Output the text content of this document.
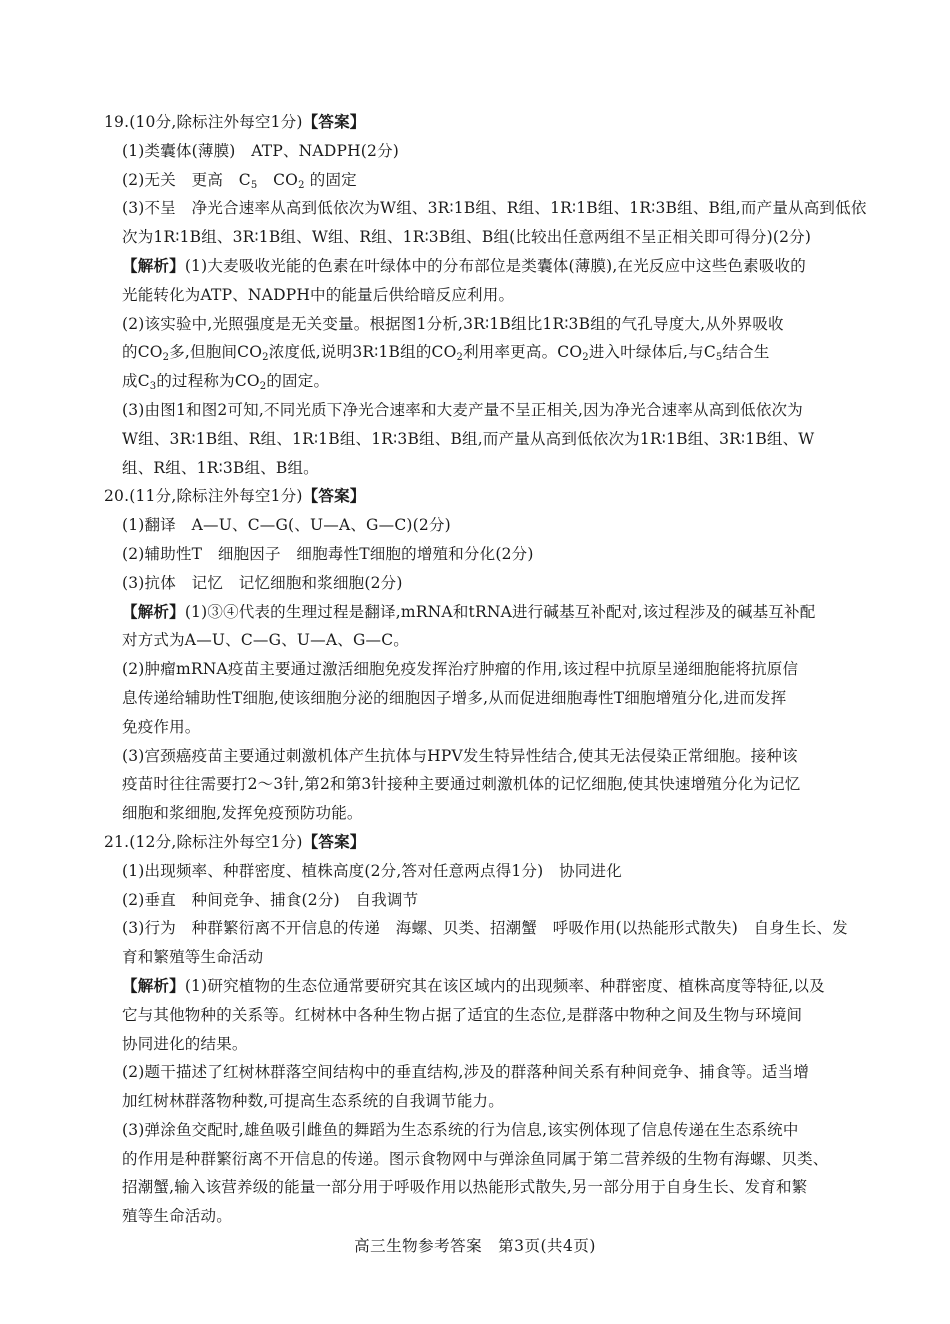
19.(10分,除标注外每空1分)【答案】
(1)类囊体(薄膜)　ATP、NADPH(2分)
(2)无关　更高　$C_5$　$CO_2$ 的固定
(3)不呈　净光合速率从高到低依次为W组、3R∶1B组、R组、1R∶1B组、1R∶3B组、B组,而产量从高到低依
次为1R∶1B组、3R∶1B组、W组、R组、1R∶3B组、B组(比较出任意两组不呈正相关即可得分)(2分)
【解析】(1)大麦吸收光能的色素在叶绿体中的分布部位是类囊体(薄膜),在光反应中这些色素吸收的
光能转化为ATP、NADPH中的能量后供给暗反应利用。
(2)该实验中,光照强度是无关变量。根据图1分析,3R∶1B组比1R∶3B组的气孔导度大,从外界吸收
的$CO_2$多,但胞间$CO_2$浓度低,说明3R∶1B组的$CO_2$利用率更高。$CO_2$进入叶绿体后,与$C_5$结合生
成$C_3$的过程称为$CO_2$的固定。
(3)由图1和图2可知,不同光质下净光合速率和大麦产量不呈正相关,因为净光合速率从高到低依次为
W组、3R∶1B组、R组、1R∶1B组、1R∶3B组、B组,而产量从高到低依次为1R∶1B组、3R∶1B组、W
组、R组、1R∶3B组、B组。
20.(11分,除标注外每空1分)【答案】
(1)翻译　A—U、C—G(、U—A、G—C)(2分)
(2)辅助性T　细胞因子　细胞毒性T细胞的增殖和分化(2分)
(3)抗体　记忆　记忆细胞和浆细胞(2分)
【解析】(1)③④代表的生理过程是翻译,mRNA和tRNA进行碱基互补配对,该过程涉及的碱基互补配
对方式为A—U、C—G、U—A、G—C。
(2)肿瘤mRNA疫苗主要通过激活细胞免疫发挥治疗肿瘤的作用,该过程中抗原呈递细胞能将抗原信
息传递给辅助性T细胞,使该细胞分泌的细胞因子增多,从而促进细胞毒性T细胞增殖分化,进而发挥
免疫作用。
(3)宫颈癌疫苗主要通过刺激机体产生抗体与HPV发生特异性结合,使其无法侵染正常细胞。接种该
疫苗时往往需要打2～3针,第2和第3针接种主要通过刺激机体的记忆细胞,使其快速增殖分化为记忆
细胞和浆细胞,发挥免疫预防功能。
21.(12分,除标注外每空1分)【答案】
(1)出现频率、种群密度、植株高度(2分,答对任意两点得1分)　协同进化
(2)垂直　种间竞争、捕食(2分)　自我调节
(3)行为　种群繁衍离不开信息的传递　海螺、贝类、招潮蟹　呼吸作用(以热能形式散失)　自身生长、发
育和繁殖等生命活动
【解析】(1)研究植物的生态位通常要研究其在该区域内的出现频率、种群密度、植株高度等特征,以及
它与其他物种的关系等。红树林中各种生物占据了适宜的生态位,是群落中物种之间及生物与环境间
协同进化的结果。
(2)题干描述了红树林群落空间结构中的垂直结构,涉及的群落种间关系有种间竞争、捕食等。适当增
加红树林群落物种数,可提高生态系统的自我调节能力。
(3)弹涂鱼交配时,雄鱼吸引雌鱼的舞蹈为生态系统的行为信息,该实例体现了信息传递在生态系统中
的作用是种群繁衍离不开信息的传递。图示食物网中与弹涂鱼同属于第二营养级的生物有海螺、贝类、
招潮蟹,输入该营养级的能量一部分用于呼吸作用以热能形式散失,另一部分用于自身生长、发育和繁
殖等生命活动。
高三生物参考答案　第3页(共4页)
